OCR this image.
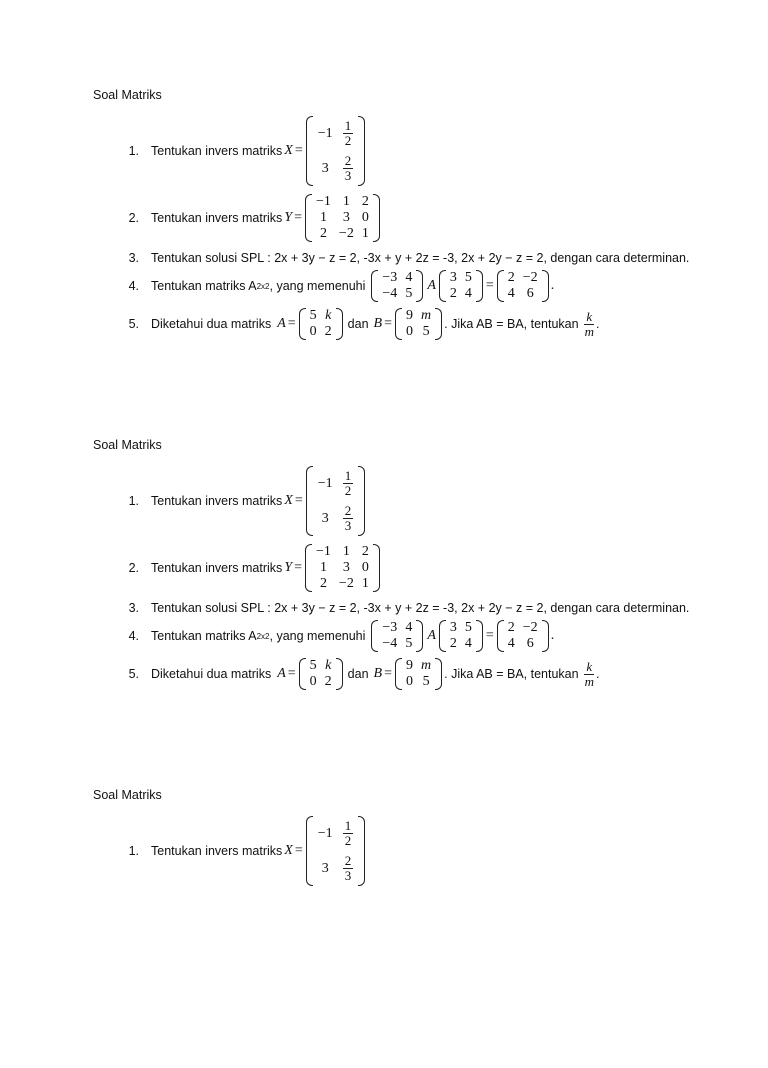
Soal Matriks
1. Tentukan invers matriks X =
−1	$\frac{1}{2}$

3	$\frac{2}{3}$
2. Tentukan invers matriks Y =
−1	1	2
1	3	0
2	−2	1
3. Tentukan solusi SPL : 2x + 3y − z = 2, -3x + y + 2z = -3, 2x + 2y − z = 2, dengan cara determinan.
4. Tentukan matriks A 2x2 , yang memenuhi
−3	4
−4	5
A
3	5
2	4
=
2	−2
4	6
.
5. Diketahui dua matriks A =
5	k
0	2 dan B =
9	m
0	5 . Jika AB = BA, tentukan $\frac{k}{m}$ .
Soal Matriks
1. Tentukan invers matriks X =
−1	$\frac{1}{2}$

3	$\frac{2}{3}$
2. Tentukan invers matriks Y =
−1	1	2
1	3	0
2	−2	1
3. Tentukan solusi SPL : 2x + 3y − z = 2, -3x + y + 2z = -3, 2x + 2y − z = 2, dengan cara determinan.
4. Tentukan matriks A 2x2 , yang memenuhi
−3	4
−4	5
A
3	5
2	4
=
2	−2
4	6
.
5. Diketahui dua matriks A =
5	k
0	2 dan B =
9	m
0	5 . Jika AB = BA, tentukan $\frac{k}{m}$ .
Soal Matriks
1. Tentukan invers matriks X =
−1	$\frac{1}{2}$

3	$\frac{2}{3}$
